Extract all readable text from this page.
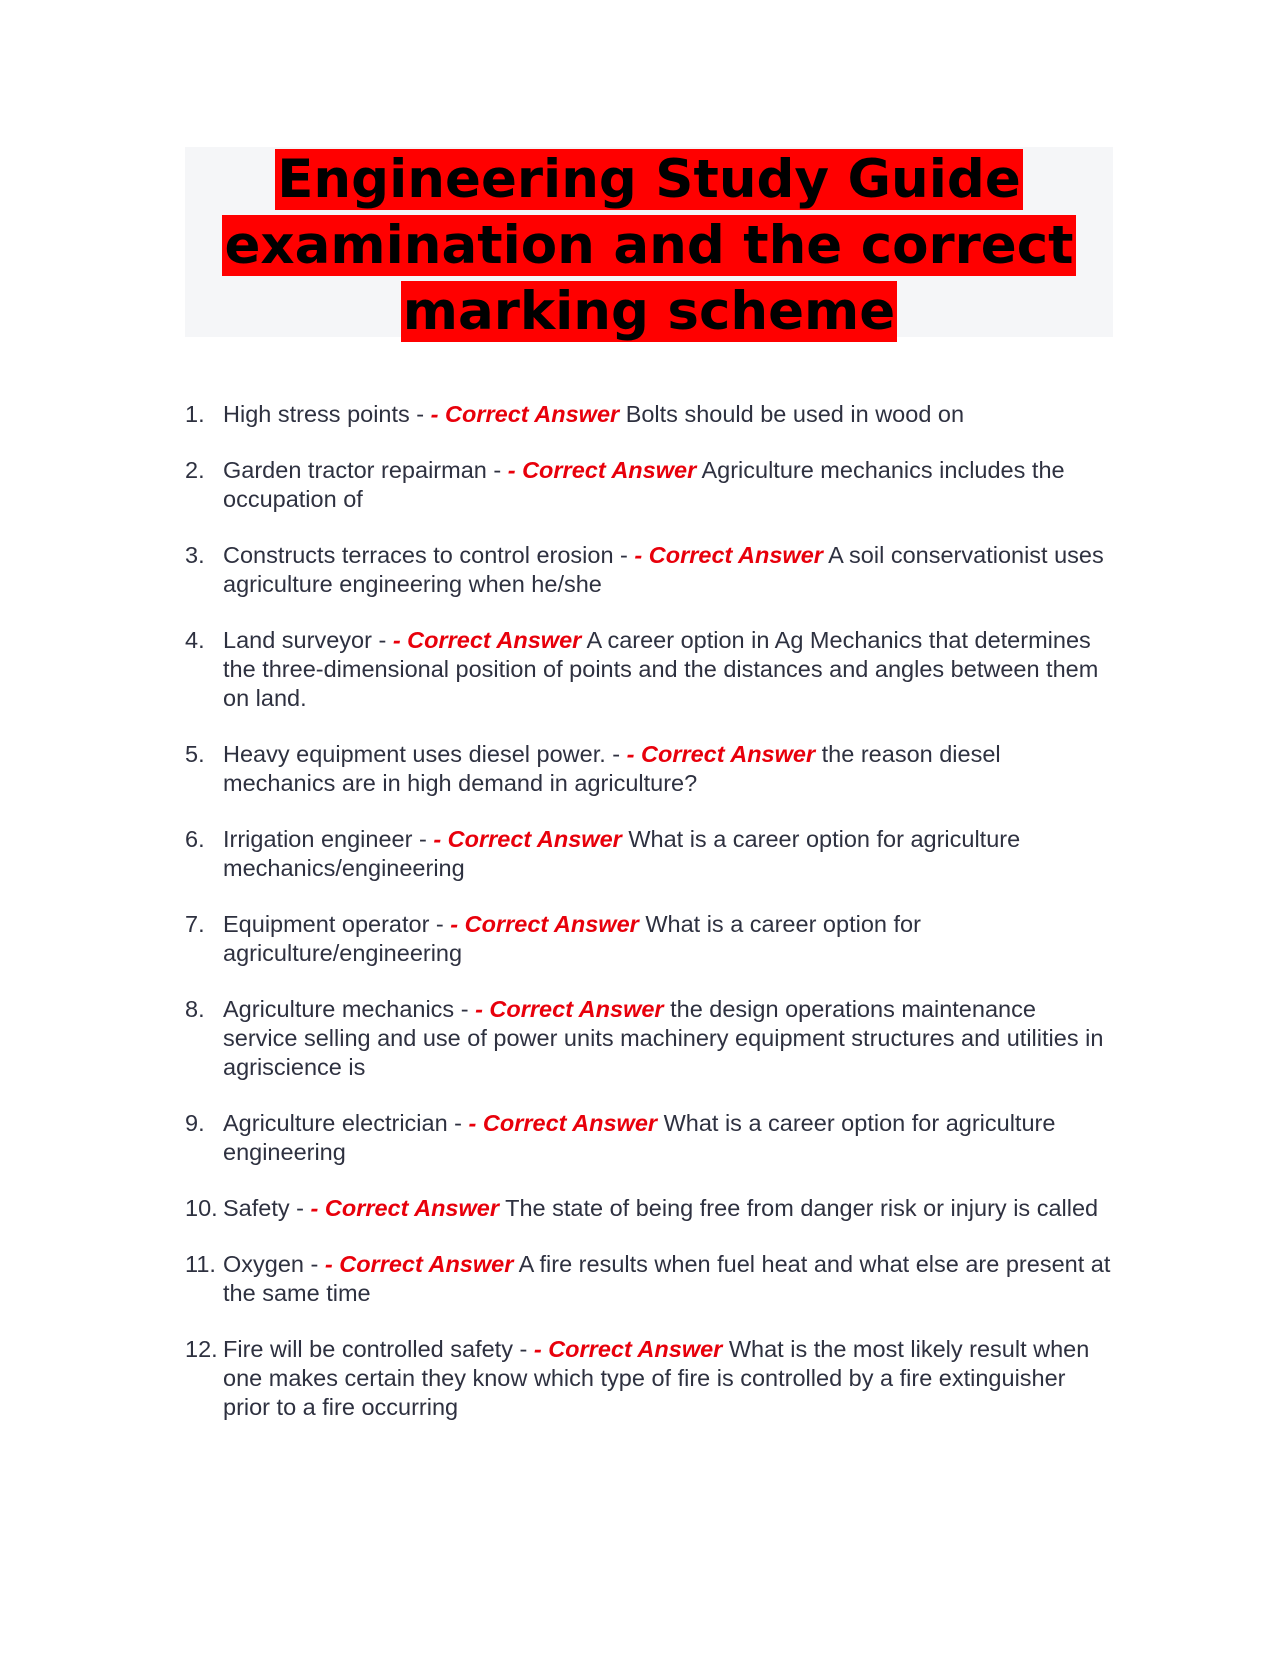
Engineering Study Guide
examination and the correct
marking scheme
1. High stress points - - Correct Answer Bolts should be used in wood on
2. Garden tractor repairman - - Correct Answer Agriculture mechanics includes the occupation of
3. Constructs terraces to control erosion - - Correct Answer A soil conservationist uses agriculture engineering when he/she
4. Land surveyor - - Correct Answer A career option in Ag Mechanics that determines the three-dimensional position of points and the distances and angles between them on land.
5. Heavy equipment uses diesel power. - - Correct Answer the reason diesel mechanics are in high demand in agriculture?
6. Irrigation engineer - - Correct Answer What is a career option for agriculture mechanics/engineering
7. Equipment operator - - Correct Answer What is a career option for agriculture/engineering
8. Agriculture mechanics - - Correct Answer the design operations maintenance service selling and use of power units machinery equipment structures and utilities in agriscience is
9. Agriculture electrician - - Correct Answer What is a career option for agriculture engineering
10. Safety - - Correct Answer The state of being free from danger risk or injury is called
11. Oxygen - - Correct Answer A fire results when fuel heat and what else are present at the same time
12. Fire will be controlled safety - - Correct Answer What is the most likely result when one makes certain they know which type of fire is controlled by a fire extinguisher prior to a fire occurring
